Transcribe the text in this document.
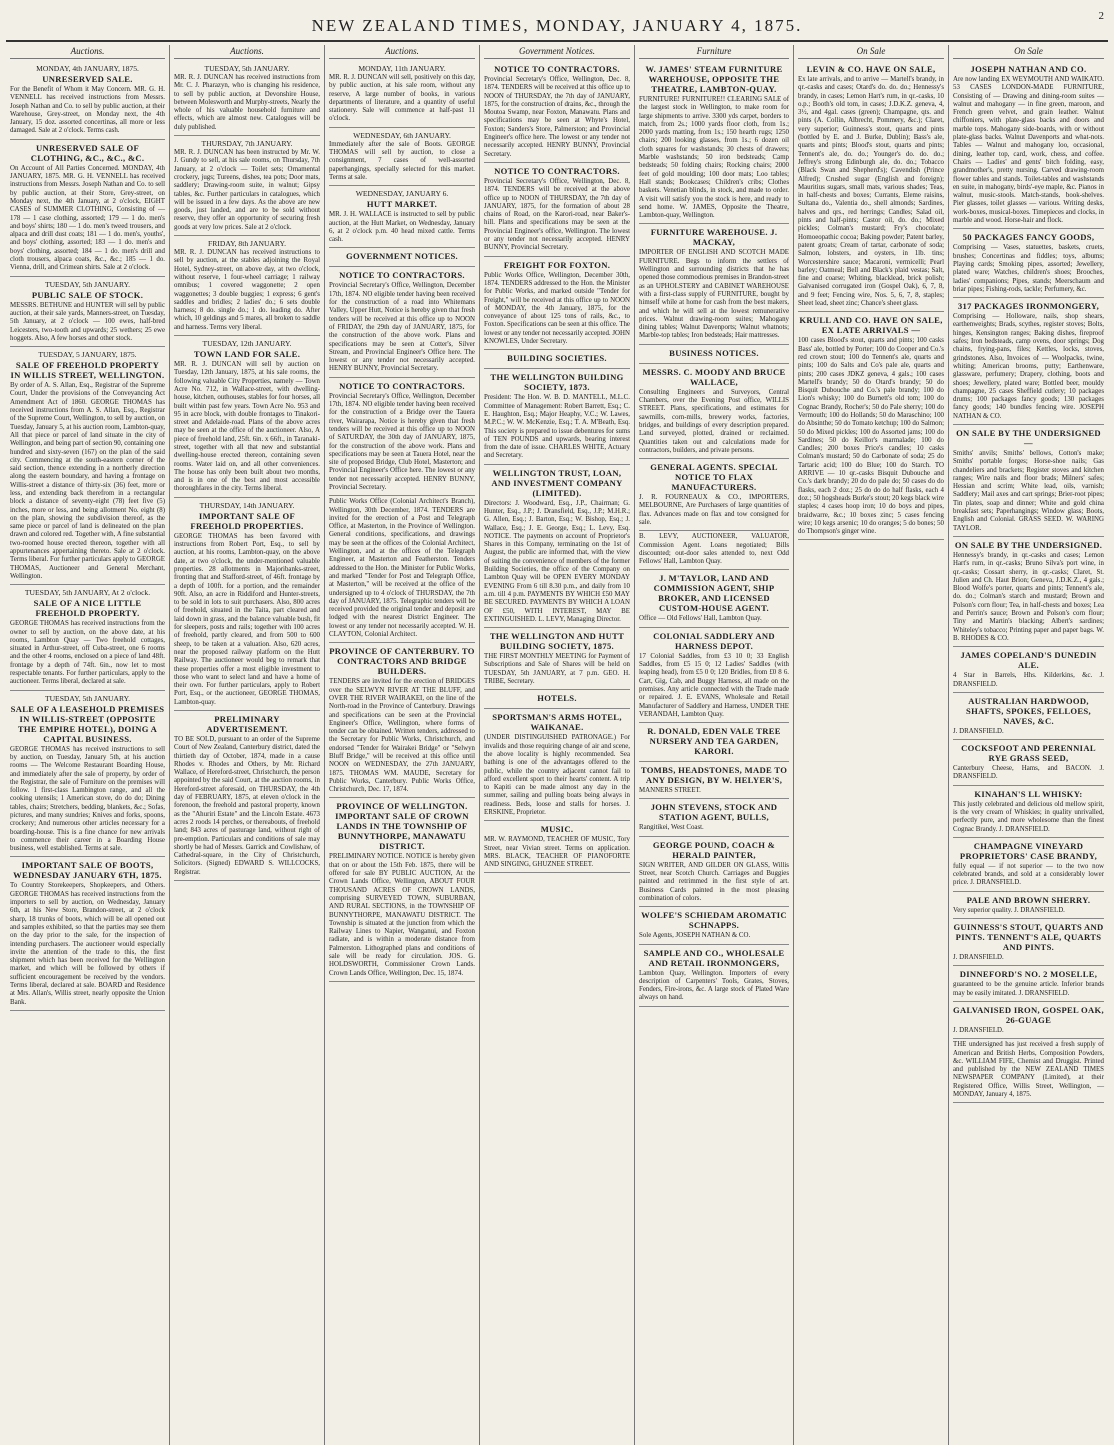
NEW ZEALAND TIMES, MONDAY, JANUARY 4, 1875.	2
Auctions.
MONDAY, 4th JANUARY, 1875.
UNRESERVED SALE.

For the Benefit of Whom it May Concern. MR. G. H. VENNELL has received instructions from Messrs. Joseph Nathan and Co. to sell by public auction, at their Warehouse, Grey-street, on Monday next, the 4th January, 15 doz. assorted concertinas, all more or less damaged. Sale at 2 o'clock. Terms cash.

UNRESERVED SALE OF CLOTHING, &C., &C., &C.

On Account of All Parties Concerned. MONDAY, 4th JANUARY, 1875. MR. G. H. VENNELL has received instructions from Messrs. Joseph Nathan and Co. to sell by public auction, at their Store, Grey-street, on Monday next, the 4th January, at 2 o'clock, EIGHT CASES of SUMMER CLOTHING, Consisting of — 178 — 1 case clothing, assorted; 179 — 1 do. men's and boys' shirts; 180 — 1 do. men's tweed trousers, and alpaca and drill dust coats; 181 — 1 do. men's, youths', and boys' clothing, assorted; 183 — 1 do. men's and boys' clothing, assorted; 184 — 1 do. men's drill and cloth trousers, alpaca coats, &c., &c.; 185 — 1 do. Vienna, drill, and Crimean shirts. Sale at 2 o'clock.

TUESDAY, 5th JANUARY.
PUBLIC SALE OF STOCK.

MESSRS. BETHUNE and HUNTER will sell by public auction, at their sale yards, Manners-street, on Tuesday, 5th January, at 2 o'clock — 100 ewes, half-bred Leicesters, two-tooth and upwards; 25 wethers; 25 ewe hoggets. Also, A few horses and other stock.

TUESDAY, 5 JANUARY, 1875.
SALE OF FREEHOLD PROPERTY IN WILLIS STREET, WELLINGTON.

By order of A. S. Allan, Esq., Registrar of the Supreme Court, Under the provisions of the Conveyancing Act Amendment Act of 1860. GEORGE THOMAS has received instructions from A. S. Allan, Esq., Registrar of the Supreme Court, Wellington, to sell by auction, on Tuesday, January 5, at his auction room, Lambton-quay, All that piece or parcel of land situate in the city of Wellington, and being part of section 90, containing one hundred and sixty-seven (167) on the plan of the said city. Commencing at the south-eastern corner of the said section, thence extending in a northerly direction along the eastern boundary, and having a frontage on Willis-street a distance of thirty-six (36) feet, more or less, and extending back therefrom in a rectangular block a distance of seventy-eight (78) feet five (5) inches, more or less, and being allotment No. eight (8) on the plan, showing the subdivision thereof, as the same piece or parcel of land is delineated on the plan drawn and colored red. Together with, A fine substantial two-roomed house erected thereon, together with all appurtenances appertaining thereto. Sale at 2 o'clock. Terms liberal. For further particulars apply to GEORGE THOMAS, Auctioneer and General Merchant, Wellington.

TUESDAY, 5th JANUARY, At 2 o'clock.
SALE OF A NICE LITTLE FREEHOLD PROPERTY.

GEORGE THOMAS has received instructions from the owner to sell by auction, on the above date, at his rooms, Lambton Quay — Two freehold cottages, situated in Arthur-street, off Cuba-street, one 6 rooms and the other 4 rooms, enclosed on a piece of land 48ft. frontage by a depth of 74ft. 6in., now let to most respectable tenants. For further particulars, apply to the auctioneer. Terms liberal, declared at sale.

TUESDAY, 5th JANUARY.
SALE OF A LEASEHOLD PREMISES IN WILLIS-STREET (OPPOSITE THE EMPIRE HOTEL), DOING A CAPITAL BUSINESS.

GEORGE THOMAS has received instructions to sell by auction, on Tuesday, January 5th, at his auction rooms — The Welcome Restaurant Boarding House, and immediately after the sale of property, by order of the Registrar, the sale of Furniture on the premises will follow. 1 first-class Lambington range, and all the cooking utensils; 1 American stove, do do do; Dining tables, chairs; Stretchers, bedding, blankets, &c.; Sofas, pictures, and many sundries; Knives and forks, spoons, crockery; And numerous other articles necessary for a boarding-house. This is a fine chance for new arrivals to commence their career in a Boarding House business, well established. Terms at sale.

IMPORTANT SALE OF BOOTS, WEDNESDAY JANUARY 6TH, 1875.

To Country Storekeepers, Shopkeepers, and Others. GEORGE THOMAS has received instructions from the importers to sell by auction, on Wednesday, January 6th, at his New Store, Brandon-street, at 2 o'clock sharp, 18 trunks of boots, which will be all opened out and samples exhibited, so that the parties may see them on the day prior to the sale, for the inspection of intending purchasers. The auctioneer would especially invite the attention of the trade to this, the first shipment which has been received for the Wellington market, and which will be followed by others if sufficient encouragement be received by the vendors. Terms liberal, declared at sale. BOARD and Residence at Mrs. Allan's, Willis street, nearly opposite the Union Bank.

Auctions.
TUESDAY, 5th JANUARY.

MR. R. J. DUNCAN has received instructions from Mr. C. J. Pharazyn, who is changing his residence, to sell by public auction, at Devonshire House, between Molesworth and Murphy-streets, Nearly the whole of his valuable household furniture and effects, which are almost new. Catalogues will be duly published.

THURSDAY, 7th JANUARY.

MR. R. J. DUNCAN has been instructed by Mr. W. J. Gundy to sell, at his sale rooms, on Thursday, 7th January, at 2 o'clock — Toilet sets; Ornamental crockery, jugs; Tureens, dishes, tea pots; Door mats, saddlery; Drawing-room suite, in walnut; Gipsy tables, &c. Further particulars in catalogues, which will be issued in a few days. As the above are new goods, just landed, and are to be sold without reserve, they offer an opportunity of securing fresh goods at very low prices. Sale at 2 o'clock.

FRIDAY, 8th JANUARY.

MR. R. J. DUNCAN has received instructions to sell by auction, at the stables adjoining the Royal Hotel, Sydney-street, on above day, at two o'clock, without reserve, 1 four-wheel carriage; 1 railway omnibus; 1 covered waggonette; 2 open waggonettes; 3 double buggies; 1 express; 6 gent's saddles and bridles; 2 ladies' do.; 6 sets double harness; 8 do. single do.; 1 do. leading do. After which, 10 geldings and 5 mares, all broken to saddle and harness. Terms very liberal.

TUESDAY, 12th JANUARY.
TOWN LAND FOR SALE.

MR. R. J. DUNCAN will sell by auction on Tuesday, 12th January, 1875, at his sale rooms, the following valuable City Properties, namely — Town Acre No. 712, in Wallace-street, with dwelling-house, kitchen, outhouses, stables for four horses, all built within past few years. Town Acre No. 953 and 95 in acre block, with double frontages to Tinakori-street and Adelaide-road. Plans of the above acres may be seen at the office of the auctioneer. Also, A piece of freehold land, 25ft. 6in. x 66ft., in Taranaki-street, together with all that new and substantial dwelling-house erected thereon, containing seven rooms. Water laid on, and all other conveniences. The house has only been built about two months, and is in one of the best and most accessible thoroughfares in the city. Terms liberal.

THURSDAY, 14th JANUARY.
IMPORTANT SALE OF FREEHOLD PROPERTIES.

GEORGE THOMAS has been favored with instructions from Robert Port, Esq., to sell by auction, at his rooms, Lambton-quay, on the above date, at two o'clock, the under-mentioned valuable properties. 28 allotments in Majoribanks-street, fronting that and Stafford-street, of 46ft. frontage by a depth of 100ft. for a portion, and the remainder 90ft. Also, an acre in Riddiford and Hunter-streets, to be sold in lots to suit purchasers. Also, 800 acres of freehold, situated in the Taita, part cleared and laid down in grass, and the balance valuable bush, fit for sleepers, posts and rails; together with 100 acres of freehold, partly cleared, and from 500 to 600 sheep, to be taken at a valuation. Also, 620 acres, near the proposed railway platform on the Hutt Railway. The auctioneer would beg to remark that these properties offer a most eligible investment to those who want to select land and have a home of their own. For further particulars, apply to Robert Port, Esq., or the auctioneer, GEORGE THOMAS, Lambton-quay.

PRELIMINARY ADVERTISEMENT.

TO BE SOLD, pursuant to an order of the Supreme Court of New Zealand, Canterbury district, dated the thirtieth day of October, 1874, made in a cause Rhodes v. Rhodes and Others, by Mr. Richard Wallace, of Hereford-street, Christchurch, the person appointed by the said Court, at the auction rooms, in Hereford-street aforesaid, on THURSDAY, the 4th day of FEBRUARY, 1875, at eleven o'clock in the forenoon, the freehold and pastoral property, known as the "Ahuriri Estate" and the Lincoln Estate. 4673 acres 2 roods 14 perches, or thereabouts, of freehold land; 843 acres of pasturage land, without right of pre-emption. Particulars and conditions of sale may shortly be had of Messrs. Garrick and Cowlishaw, of Cathedral-square, in the City of Christchurch, Solicitors. (Signed) EDWARD S. WILLCOCKS, Registrar.

Auctions.
MONDAY, 11th JANUARY.

MR. R. J. DUNCAN will sell, positively on this day, by public auction, at his sale room, without any reserve, A large number of books, in various departments of literature, and a quantity of useful stationery. Sale will commence at half-past 11 o'clock.

WEDNESDAY, 6th JANUARY.

Immediately after the sale of Boots. GEORGE THOMAS will sell by auction, to close a consignment, 7 cases of well-assorted paperhangings, specially selected for this market. Terms at sale.

WEDNESDAY, JANUARY 6.
HUTT MARKET.

MR. J. H. WALLACE is instructed to sell by public auction, at the Hutt Market, on Wednesday, January 6, at 2 o'clock p.m. 40 head mixed cattle. Terms cash.

GOVERNMENT NOTICES.
NOTICE TO CONTRACTORS.

Provincial Secretary's Office, Wellington, December 17th, 1874. NO eligible tender having been received for the construction of a road into Whitemans Valley, Upper Hutt, Notice is hereby given that fresh tenders will be received at this office up to NOON of FRIDAY, the 29th day of JANUARY, 1875, for the construction of the above work. Plans and specifications may be seen at Cotter's, Silver Stream, and Provincial Engineer's Office here. The lowest or any tender not necessarily accepted. HENRY BUNNY, Provincial Secretary.

NOTICE TO CONTRACTORS.

Provincial Secretary's Office, Wellington, December 17th, 1874. NO eligible tender having been received for the construction of a Bridge over the Tauera river, Wairarapa, Notice is hereby given that fresh tenders will be received at this office up to NOON of SATURDAY, the 30th day of JANUARY, 1875, for the construction of the above work. Plans and specifications may be seen at Tauera Hotel, near the site of proposed Bridge, Club Hotel, Masterton; and Provincial Engineer's Office here. The lowest or any tender not necessarily accepted. HENRY BUNNY, Provincial Secretary.

Public Works Office (Colonial Architect's Branch), Wellington, 30th December, 1874. TENDERS are invited for the erection of a Post and Telegraph Office, at Masterton, in the Province of Wellington. General conditions, specifications, and drawings may be seen at the offices of the Colonial Architect, Wellington, and at the offices of the Telegraph Engineer, at Masterton and Featherston. Tenders addressed to the Hon. the Minister for Public Works, and marked "Tender for Post and Telegraph Office, at Masterton," will be received at the office of the undersigned up to 4 o'clock of THURSDAY, the 7th day of JANUARY, 1875. Telegraphic tenders will be received provided the original tender and deposit are lodged with the nearest District Engineer. The lowest or any tender not necessarily accepted. W. H. CLAYTON, Colonial Architect.

PROVINCE OF CANTERBURY. TO CONTRACTORS AND BRIDGE BUILDERS.

TENDERS are invited for the erection of BRIDGES over the SELWYN RIVER AT THE BLUFF, and OVER THE RIVER WAIRAKEI, on the line of the North-road in the Province of Canterbury. Drawings and specifications can be seen at the Provincial Engineer's Office, Wellington, where forms of tender can be obtained. Written tenders, addressed to the Secretary for Public Works, Christchurch, and endorsed "Tender for Wairakei Bridge" or "Selwyn Bluff Bridge," will be received at this office until NOON on WEDNESDAY, the 27th JANUARY, 1875. THOMAS WM. MAUDE, Secretary for Public Works, Canterbury. Public Works Office, Christchurch, Dec. 17, 1874.

PROVINCE OF WELLINGTON. IMPORTANT SALE OF CROWN LANDS IN THE TOWNSHIP OF BUNNYTHORPE, MANAWATU DISTRICT.

PRELIMINARY NOTICE. NOTICE is hereby given that on or about the 15th Feb. 1875, there will be offered for sale BY PUBLIC AUCTION, At the Crown Lands Office, Wellington, ABOUT FOUR THOUSAND ACRES OF CROWN LANDS, comprising SURVEYED TOWN, SUBURBAN, AND RURAL SECTIONS, in the TOWNSHIP OF BUNNYTHORPE, MANAWATU DISTRICT. The Township is situated at the junction from which the Railway Lines to Napier, Wanganui, and Foxton radiate, and is within a moderate distance from Palmerston. Lithographed plans and conditions of sale will be ready for circulation. JOS. G. HOLDSWORTH, Commissioner Crown Lands. Crown Lands Office, Wellington, Dec. 15, 1874.

Government Notices.
NOTICE TO CONTRACTORS.

Provincial Secretary's Office, Wellington, Dec. 8, 1874. TENDERS will be received at this office up to NOON of THURSDAY, the 7th day of JANUARY, 1875, for the construction of drains, &c., through the Moutoa Swamp, near Foxton, Manawatu. Plans and specifications may be seen at Whyte's Hotel, Foxton; Sanders's Store, Palmerston; and Provincial Engineer's office here. The lowest or any tender not necessarily accepted. HENRY BUNNY, Provincial Secretary.

NOTICE TO CONTRACTORS.

Provincial Secretary's Office, Wellington, Dec. 8, 1874. TENDERS will be received at the above office up to NOON of THURSDAY, the 7th day of JANUARY, 1875, for the formation of about 28 chains of Road, on the Karori-road, near Baker's-hill. Plans and specifications may be seen at the Provincial Engineer's office, Wellington. The lowest or any tender not necessarily accepted. HENRY BUNNY, Provincial Secretary.

FREIGHT FOR FOXTON.

Public Works Office, Wellington, December 30th, 1874. TENDERS addressed to the Hon. the Minister for Public Works, and marked outside "Tender for Freight," will be received at this office up to NOON of MONDAY, the 4th January, 1875, for the conveyance of about 125 tons of rails, &c., to Foxton. Specifications can be seen at this office. The lowest or any tender not necessarily accepted. JOHN KNOWLES, Under Secretary.

BUILDING SOCIETIES.
THE WELLINGTON BUILDING SOCIETY, 1873.

President: The Hon. W. B. D. MANTELL, M.L.C. Committee of Management: Robert Barrett, Esq.; C. E. Haughton, Esq.; Major Heaphy, V.C.; W. Lawes, M.P.C.; W. W. McKenzie, Esq.; T. A. M'Beath, Esq. This society is prepared to issue debentures for sums of TEN POUNDS and upwards, bearing interest from the date of issue. CHARLES WHITE, Actuary and Secretary.

WELLINGTON TRUST, LOAN, AND INVESTMENT COMPANY (LIMITED).

Directors: J. Woodward, Esq., J.P., Chairman; G. Hunter, Esq., J.P.; J. Dransfield, Esq., J.P.; M.H.R.; G. Allen, Esq.; J. Barton, Esq.; W. Bishop, Esq.; J. Wallace, Esq.; J. E. George, Esq.; L. Levy, Esq. NOTICE. The payments on account of Proprietor's Shares in this Company, terminating on the 1st of August, the public are informed that, with the view of suiting the convenience of members of the former Building Societies, the office of the Company on Lambton Quay will be OPEN EVERY MONDAY EVENING From 6 till 8.30 p.m., and daily from 10 a.m. till 4 p.m. PAYMENTS BY WHICH £50 MAY BE SECURED. PAYMENTS BY WHICH A LOAN OF £50, WITH INTEREST, MAY BE EXTINGUISHED. L. LEVY, Managing Director.

THE WELLINGTON AND HUTT BUILDING SOCIETY, 1875.

THE FIRST MONTHLY MEETING for Payment of Subscriptions and Sale of Shares will be held on TUESDAY, 5th JANUARY, at 7 p.m. GEO. H. TRIBE, Secretary.

HOTELS.
SPORTSMAN'S ARMS HOTEL, WAIKANAE.

(UNDER DISTINGUISHED PATRONAGE.) For invalids and those requiring change of air and scene, the above locality is highly recommended. Sea bathing is one of the advantages offered to the public, while the country adjacent cannot fail to afford excellent sport to their hearts' content. A trip to Kapiti can be made almost any day in the summer, sailing and pulling boats being always in readiness. Beds, loose and stalls for horses. J. ERSKINE, Proprietor.

MUSIC.

MR. W. RAYMOND, TEACHER OF MUSIC, Tory Street, near Vivian street. Terms on application. MRS. BLACK, TEACHER OF PIANOFORTE AND SINGING, GHUZNEE STREET.

Furniture
W. JAMES' STEAM FURNITURE WAREHOUSE, OPPOSITE THE THEATRE, LAMBTON-QUAY.

FURNITURE! FURNITURE!! CLEARING SALE of the largest stock in Wellington, to make room for large shipments to arrive. 3300 yds carpet, borders to match, from 2s.; 1000 yards floor cloth, from 1s.; 2000 yards matting, from 1s.; 150 hearth rugs; 1250 chairs; 200 looking glasses, from 1s.; 6 dozen oil cloth squares for washstands; 30 chests of drawers; Marble washstands; 50 iron bedsteads; Camp bedsteads; 50 folding chairs; Rocking chairs; 2000 feet of gold moulding; 100 door mats; Loo tables; Hall stands; Bookcases; Children's cribs; Clothes baskets. Venetian blinds, in stock, and made to order. A visit will satisfy you the stock is here, and ready to send home. W. JAMES, Opposite the Theatre, Lambton-quay, Wellington.

FURNITURE WAREHOUSE. J. MACKAY,

IMPORTER OF ENGLISH AND SCOTCH MADE FURNITURE. Begs to inform the settlers of Wellington and surrounding districts that he has opened those commodious premises in Brandon-street as an UPHOLSTERY and CABINET WAREHOUSE with a first-class supply of FURNITURE, bought by himself while at home for cash from the best makers, and which he will sell at the lowest remunerative prices. Walnut drawing-room suites; Mahogany dining tables; Walnut Davenports; Walnut whatnots; Marble-top tables; Iron bedsteads; Hair mattresses.

BUSINESS NOTICES.
MESSRS. C. MOODY AND BRUCE WALLACE,

Consulting Engineers and Surveyors, Central Chambers, over the Evening Post office, WILLIS STREET. Plans, specifications, and estimates for sawmills, corn-mills, brewery works, factories, bridges, and buildings of every description prepared. Land surveyed, plotted, drained or reclaimed. Quantities taken out and calculations made for contractors, builders, and private persons.

GENERAL AGENTS. SPECIAL NOTICE TO FLAX MANUFACTURERS.

J. R. FOURNEAUX & CO., IMPORTERS, MELBOURNE, Are Purchasers of large quantities of flax. Advances made on flax and tow consigned for sale.

B. LEVY, AUCTIONEER, VALUATOR, Commission Agent. Loans negotiated; Bills discounted; out-door sales attended to, next Odd Fellows' Hall, Lambton Quay.

J. M'TAYLOR, LAND AND COMMISSION AGENT, SHIP BROKER, AND LICENSED CUSTOM-HOUSE AGENT.

Office — Old Fellows' Hall, Lambton Quay.

COLONIAL SADDLERY AND HARNESS DEPOT.

17 Colonial Saddles, from £3 10 0; 33 English Saddles, from £5 15 0; 12 Ladies' Saddles (with leaping head), from £5 0 0; 120 Bridles, from £0 8 6. Cart, Gig, Cab, and Buggy Harness, all made on the premises. Any article connected with the Trade made or repaired. J. E. EVANS, Wholesale and Retail Manufacturer of Saddlery and Harness, UNDER THE VERANDAH, Lambton Quay.

R. DONALD, EDEN VALE TREE NURSERY AND TEA GARDEN, KARORI.
TOMBS, HEADSTONES, MADE TO ANY DESIGN, BY W. HELYER'S,

MANNERS STREET.

JOHN STEVENS, STOCK AND STATION AGENT, BULLS,

Rangitikei, West Coast.

GEORGE POUND, COACH & HERALD PAINTER,

SIGN WRITER, AND GILDER ON GLASS, Willis Street, near Scotch Church. Carriages and Buggies painted and retrimmed in the first style of art. Business Cards painted in the most pleasing combination of colors.

WOLFE'S SCHIEDAM AROMATIC SCHNAPPS.

Sole Agents, JOSEPH NATHAN & CO.

SAMPLE AND CO., WHOLESALE AND RETAIL IRONMONGERS,

Lambton Quay, Wellington. Importers of every description of Carpenters' Tools, Grates, Stoves, Fenders, Fire-irons, &c. A large stock of Plated Ware always on hand.

On Sale
LEVIN & CO. HAVE ON SALE,

Ex late arrivals, and to arrive — Martell's brandy, in qr.-casks and cases; Otard's do. do. do.; Hennessy's brandy, in cases; Lemon Hart's rum, in qr.-casks, 10 o.p.; Booth's old tom, in cases; J.D.K.Z. geneva, 4, 3½, and 4gal. cases (green); Champagne, qts. and pints (A. Collin, Albrecht, Pommery, &c.); Claret, very superior; Guinness's stout, quarts and pints (bottled by E. and J. Burke, Dublin); Bass's ale, quarts and pints; Blood's stout, quarts and pints; Tennent's ale, do. do.; Younger's do. do. do.; Jeffrey's strong Edinburgh ale, do. do.; Tobacco (Black Swan and Shepherd's); Cavendish (Prince Alfred); Crushed sugar (English and foreign); Mauritius sugars, small mats, various shades; Teas, in half-chests and boxes; Currants, Eleme raisins, Sultana do., Valentia do., shell almonds; Sardines, halves and qrs., red herrings; Candles; Salad oil, pints and half-pints; Castor oil, do. do.; Mixed pickles; Colman's mustard; Fry's chocolate; Homoeopathic cocoa; Baking powder; Patent barley, patent groats; Cream of tartar, carbonate of soda; Salmon, lobsters, and oysters, in 1lb. tins; Worcestershire sauce; Macaroni, vermicelli; Pearl barley; Oatmeal; Bell and Black's plaid vestas; Salt, fine and coarse; Whiting, blacklead, brick polish; Galvanised corrugated iron (Gospel Oak), 6, 7, 8, and 9 feet; Fencing wire, Nos. 5, 6, 7, 8, staples; Sheet lead, sheet zinc; Chance's sheet glass.

KRULL AND CO. HAVE ON SALE, EX LATE ARRIVALS —

100 cases Blood's stout, quarts and pints; 100 casks Bass' ale, bottled by Porter; 100 do Cooper and Co.'s red crown stout; 100 do Tennent's ale, quarts and pints; 100 do Salts and Co's pale ale, quarts and pints; 200 cases JDKZ geneva, 4 gals.; 100 cases Martell's brandy; 50 do Otard's brandy; 50 do Bisquit Dubouche and Co.'s pale brandy; 100 do Lion's whisky; 100 do Burnett's old tom; 100 do Cognac Brandy, Rocher's; 50 do Pale sherry; 100 do Vermouth; 100 do Hollands; 50 do Maraschino; 100 do Absinthe; 50 do Tomato ketchup; 100 do Salmon; 50 do Mixed pickles; 100 do Assorted jams; 100 do Sardines; 50 do Keillor's marmalade; 100 do Candles; 200 boxes Price's candles; 10 casks Colman's mustard; 50 do Carbonate of soda; 25 do Tartaric acid; 100 do Blue; 100 do Starch. TO ARRIVE — 10 qr.-casks Bisquit Dubouche and Co.'s dark brandy; 20 do do pale do; 50 cases do do flasks, each 2 doz.; 25 do do do half flasks, each 4 doz.; 50 hogsheads Burke's stout; 20 kegs black wire staples; 4 cases hoop iron; 10 do boys and pipes, braidwarre, &c.; 10 boxes zinc; 5 cases fencing wire; 10 kegs arsenic; 10 do oranges; 5 do bones; 50 do Thompson's ginger wine.

On Sale
JOSEPH NATHAN AND CO.

Are now landing EX WEYMOUTH AND WAIKATO. 53 CASES LONDON-MADE FURNITURE, Consisting of — Drawing and dining-room suites — walnut and mahogany — in fine green, maroon, and French green velvet, and grain leather. Walnut chiffoniers, with plate-glass backs and doors and marble tops. Mahogany side-boards, with or without plate-glass backs. Walnut Davenports and what-nots. Tables — Walnut and mahogany loo, occasional, dining, leather top, card, work, chess, and coffee. Chairs — Ladies' and gents' bitch folding, easy, grandmother's, pretty nursing. Carved drawing-room flower tables and stands. Toilet-tables and washstands en suite, in mahogany, birds'-eye maple, &c. Pianos in walnut, music-stools. Match-stands, book-shelves. Pier glasses, toilet glasses — various. Writing desks, work-boxes, musical-boxes. Timepieces and clocks, in marble and wood. Horse-hair and flock.

50 PACKAGES FANCY GOODS,

Comprising — Vases, statuettes, baskets, cruets, brushes; Concertinas and fiddles; toys, albums; Playing cards; Smoking pipes, assorted; Jewellery, plated ware; Watches, children's shoes; Brooches, ladies' companions; Pipes, stands; Meerschaum and briar pipes; Fishing-rods, tackle; Perfumery, &c.

317 PACKAGES IRONMONGERY,

Comprising — Holloware, nails, shop shears, earthenweights; Brads, scythes, register stoves; Bolts, hinges, Kensington ranges; Baking dishes, fireproof safes; Iron bedsteads, camp ovens, door springs; Dog chains, frying-pans, files; Kettles, locks, stoves, grindstones. Also, Invoices of — Woolpacks, twine, whiting; American brooms, putty; Earthenware, glassware, perfumery; Drapery, clothing, boots and shoes; Jewellery, plated ware; Bottled beer, mouldy champagne, 25 cases Sheffield cutlery; 10 packages drums; 100 packages fancy goods; 130 packages fancy goods; 140 bundles fencing wire. JOSEPH NATHAN & CO.

ON SALE BY THE UNDERSIGNED —

Smiths' anvils; Smiths' bellows, Cotton's make; Smiths' portable forges; Horse-shoe nails; Gas chandeliers and brackets; Register stoves and kitchen ranges; Wire nails and floor brads; Milners' safes; Hessian and scrim; White lead, oils, varnish; Saddlery; Mail axes and cart springs; Brier-root pipes; Tin plates, soap and dinner; White and gold china breakfast sets; Paperhangings; Window glass; Boots, English and Colonial. GRASS SEED. W. WARING TAYLOR.

ON SALE BY THE UNDERSIGNED.

Hennessy's brandy, in qr.-casks and cases; Lemon Hart's rum, in qr.-casks; Bruno Silva's port wine, in qr.-casks; Cossart sherry, in qr.-casks; Claret, St. Julien and Ch. Haut Brion; Geneva, J.D.K.Z., 4 gals.; Blood Wolfe's porter, quarts and pints; Tennent's ale, do. do.; Colman's starch and mustard; Brown and Polson's corn flour; Tea, in half-chests and boxes; Lea and Perrin's sauce; Brown and Polson's corn flour; Tiny and Martin's blacking; Albert's sardines; Whiteley's tobacco; Printing paper and paper bags. W. B. RHODES & CO.

JAMES COPELAND'S DUNEDIN ALE.

4 Star in Barrels, Hhs. Kilderkins, &c. J. DRANSFIELD.

AUSTRALIAN HARDWOOD, SHAFTS, SPOKES, FELLOES, NAVES, &C.

J. DRANSFIELD.

COCKSFOOT AND PERENNIAL RYE GRASS SEED,

Canterbury Cheese, Hams, and BACON. J. DRANSFIELD.

KINAHAN'S LL WHISKY:

This justly celebrated and delicious old mellow spirit, is the very cream of Whiskies; in quality unrivalled, perfectly pure, and more wholesome than the finest Cognac Brandy. J. DRANSFIELD.

CHAMPAGNE VINEYARD PROPRIETORS' CASE BRANDY,

fully equal — if not superior — to the two now celebrated brands, and sold at a considerably lower price. J. DRANSFIELD.

PALE AND BROWN SHERRY.

Very superior quality. J. DRANSFIELD.

GUINNESS'S STOUT, QUARTS AND PINTS. TENNENT'S ALE, QUARTS AND PINTS.

J. DRANSFIELD.

DINNEFORD'S NO. 2 MOSELLE,

guaranteed to be the genuine article. Inferior brands may be easily imitated. J. DRANSFIELD.

GALVANISED IRON, GOSPEL OAK, 26-GUAGE

J. DRANSFIELD.

THE undersigned has just received a fresh supply of American and British Herbs, Composition Powders, &c. WILLIAM FIFE, Chemist and Druggist. Printed and published by the NEW ZEALAND TIMES NEWSPAPER COMPANY (Limited), at their Registered Office, Willis Street, Wellington, — MONDAY, January 4, 1875.
